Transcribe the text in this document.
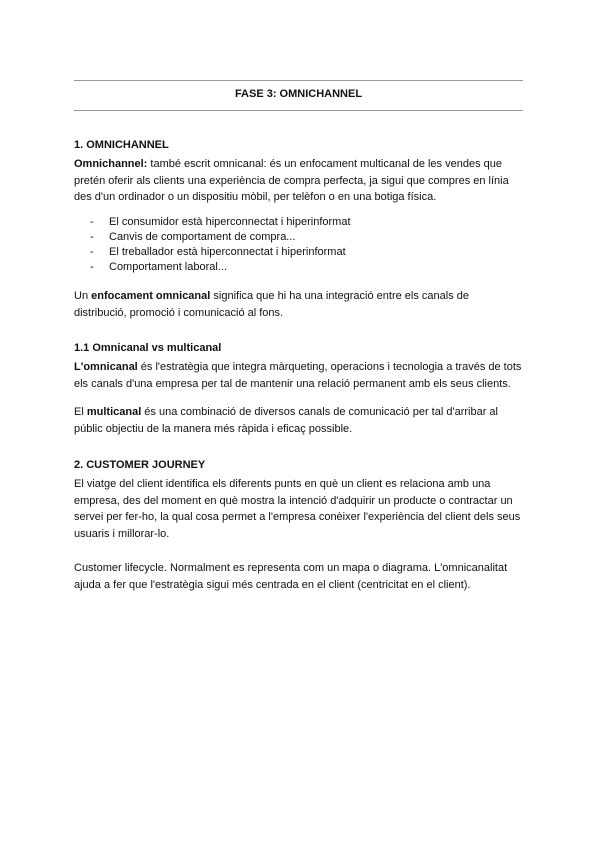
FASE 3: OMNICHANNEL
1. OMNICHANNEL
Omnichannel: també escrit omnicanal: és un enfocament multicanal de les vendes que pretén oferir als clients una experiència de compra perfecta, ja sigui que compres en línia des d'un ordinador o un dispositiu mòbil, per telèfon o en una botiga física.
- El consumidor està hiperconnectat i hiperinformat
- Canvis de comportament de compra...
- El treballador està hiperconnectat i hiperinformat
- Comportament laboral...
Un enfocament omnicanal significa que hi ha una integració entre els canals de distribució, promoció i comunicació al fons.
1.1 Omnicanal vs multicanal
L'omnicanal és l'estratègia que integra màrqueting, operacions i tecnologia a través de tots els canals d'una empresa per tal de mantenir una relació permanent amb els seus clients.
El multicanal és una combinació de diversos canals de comunicació per tal d'arribar al públic objectiu de la manera més ràpida i eficaç possible.
2. CUSTOMER JOURNEY
El viatge del client identifica els diferents punts en què un client es relaciona amb una empresa, des del moment en què mostra la intenció d'adquirir un producte o contractar un servei per fer-ho, la qual cosa permet a l'empresa conèixer l'experiència del client dels seus usuaris i millorar-lo.
Customer lifecycle. Normalment es representa com un mapa o diagrama. L'omnicanalitat ajuda a fer que l'estratègia sigui més centrada en el client (centricitat en el client).
